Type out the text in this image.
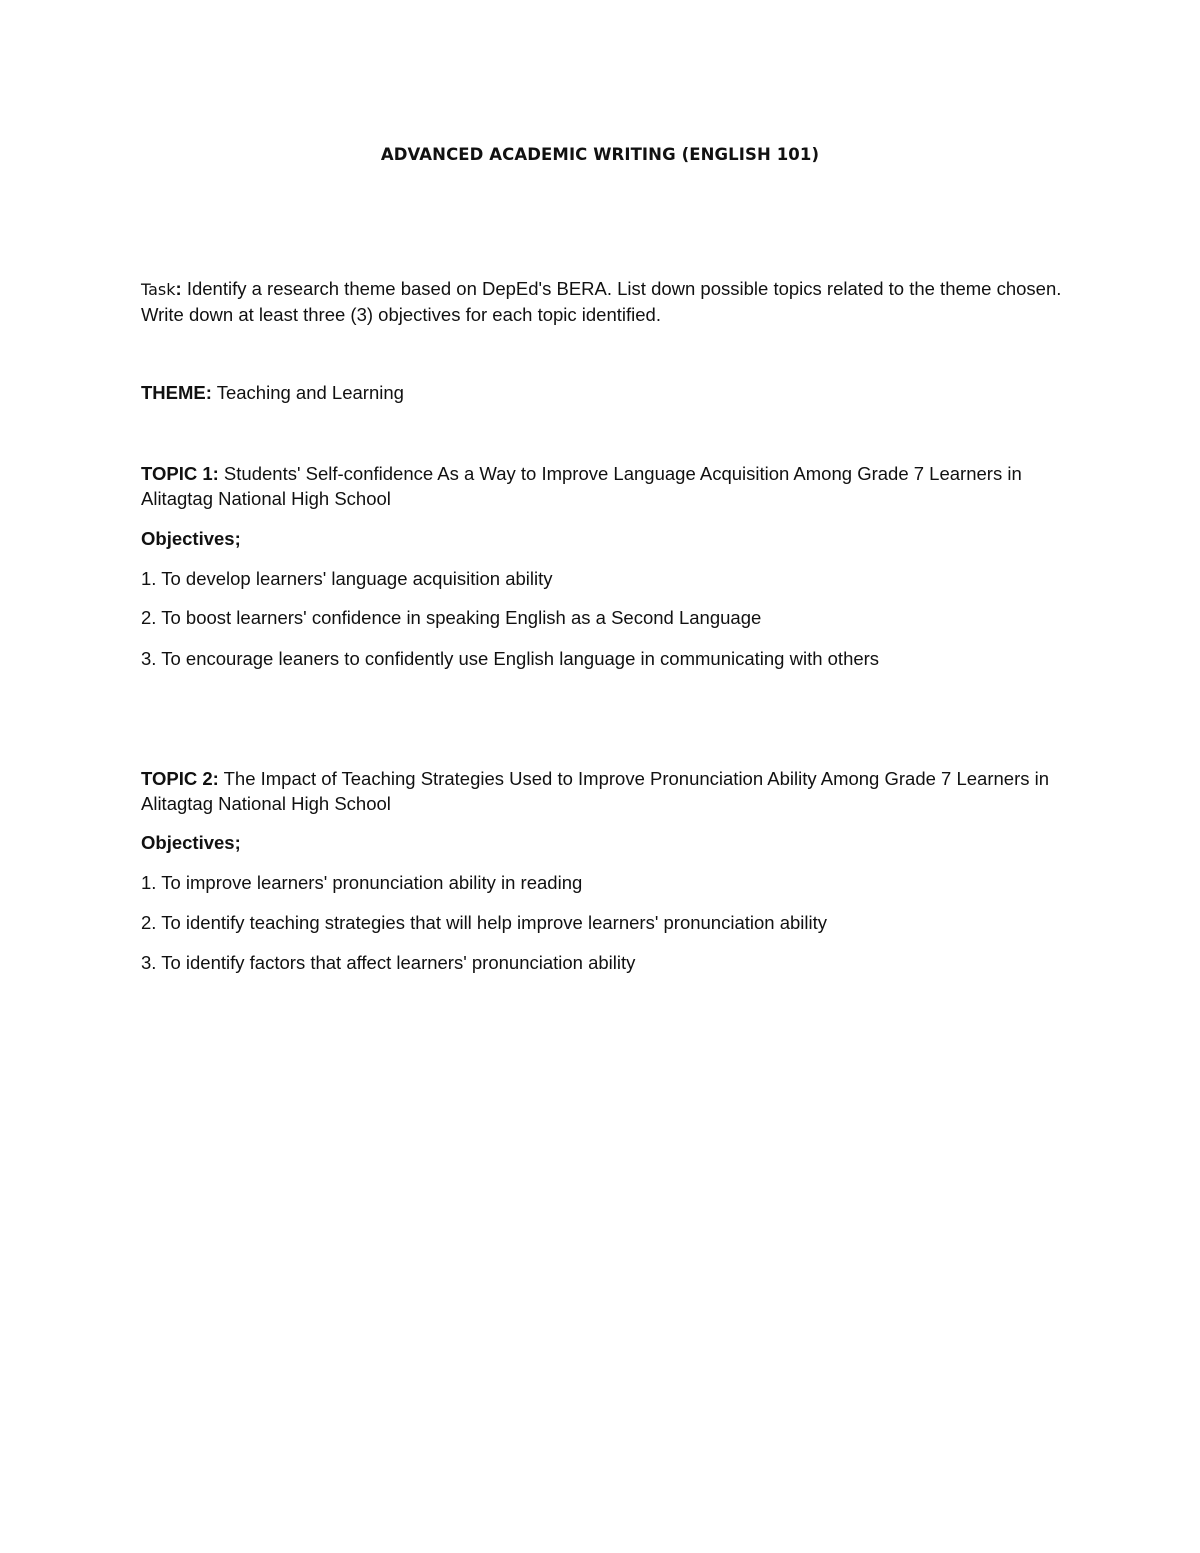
ADVANCED ACADEMIC WRITING (ENGLISH 101)
Task: Identify a research theme based on DepEd's BERA. List down possible topics related to the theme chosen. Write down at least three (3) objectives for each topic identified.
THEME: Teaching and Learning
TOPIC 1: Students' Self-confidence As a Way to Improve Language Acquisition Among Grade 7 Learners in Alitagtag National High School
Objectives;
1. To develop learners' language acquisition ability
2. To boost learners' confidence in speaking English as a Second Language
3. To encourage leaners to confidently use English language in communicating with others
TOPIC 2: The Impact of Teaching Strategies Used to Improve Pronunciation Ability Among Grade 7 Learners in Alitagtag National High School
Objectives;
1. To improve learners' pronunciation ability in reading
2. To identify teaching strategies that will help improve learners' pronunciation ability
3. To identify factors that affect learners' pronunciation ability
